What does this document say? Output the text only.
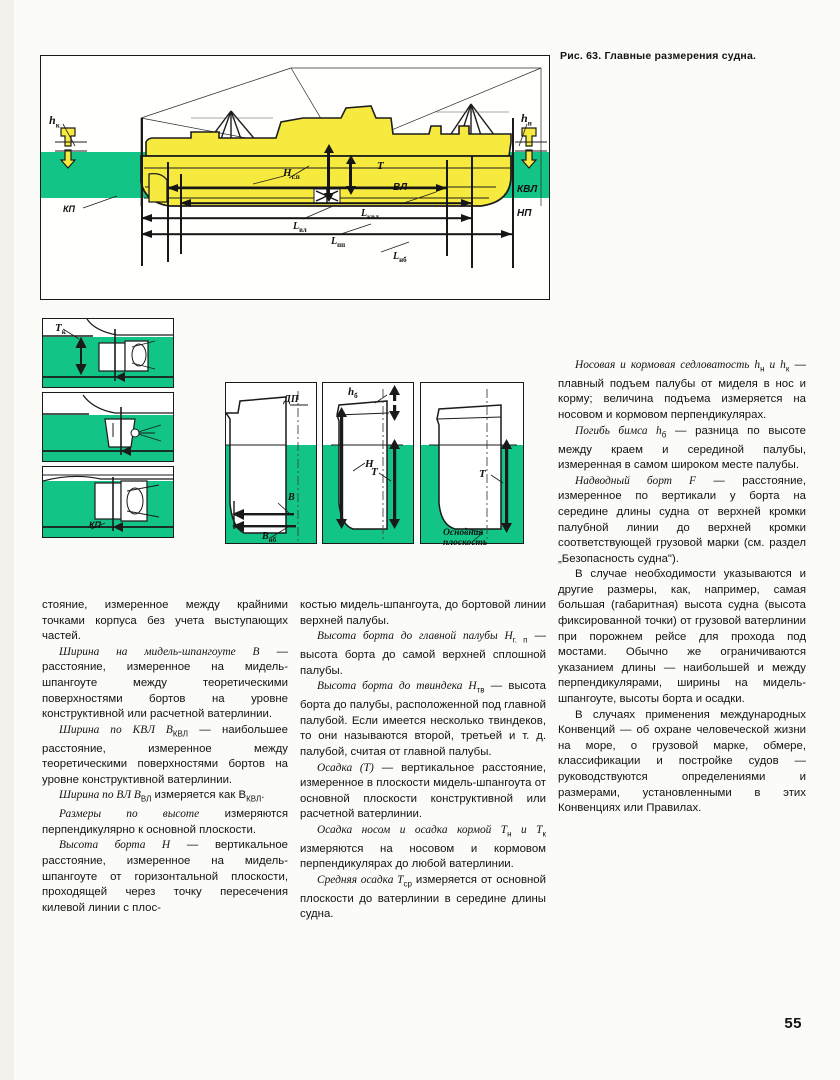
Рис. 63. Главные размерения судна.
$h_к$
$h_н$
КП
$H_{г.п}$
T
ВЛ	КВЛ
НП
$L_{вл}$
$L_{пп}$
$L_{квл}$
$L_{нб}$
$T_к$
КП
ДП
B
$B_{нб}$
H
$h_б$
T	T
Основная
плоскость

стояние, измеренное между крайними точками корпуса без учета выступающих частей.

Ширина на мидель-шпангоуте B — расстояние, измеренное на мидель-шпангоуте между теоретическими поверхностями бортов на уровне конструктивной или расчетной ватерлинии.

Ширина по КВЛ $B_{КВЛ}$ — наибольшее расстояние, измеренное между теоретическими поверхностями бортов на уровне конструктивной ватерлинии.

Ширина по ВЛ $B_{ВЛ}$ измеряется как $B_{КВЛ}$.

Размеры по высоте измеряются перпендикулярно к основной плоскости.

Высота борта H — вертикальное расстояние, измеренное на мидель-шпангоуте от горизонтальной плоскости, проходящей через точку пересечения килевой линии с плос-

костью мидель-шпангоута, до бортовой линии верхней палубы.

Высота борта до главной палубы $H_{г. п}$ — высота борта до самой верхней сплошной палубы.

Высота борта до твиндека $H_{тв}$ — высота борта до палубы, расположенной под главной палубой. Если имеется несколько твиндеков, то они называются второй, третьей и т. д. палубой, считая от главной палубы.

Осадка (T) — вертикальное расстояние, измеренное в плоскости мидель-шпангоута от основной плоскости конструктивной или расчетной ватерлинии.

Осадка носом и осадка кормой $T_н$ и $T_к$ измеряются на носовом и кормовом перпендикулярах до любой ватерлинии.

Средняя осадка $T_{ср}$ измеряется от основной плоскости до ватерлинии в середине длины судна.

Носовая и кормовая седловатость $h_н$ и $h_к$ — плавный подъем палубы от миделя в нос и корму; величина подъема измеряется на носовом и кормовом перпендикулярах.

Погибь бимса $h_б$ — разница по высоте между краем и серединой палубы, измеренная в самом широком месте палубы.

Надводный борт F — расстояние, измеренное по вертикали у борта на середине длины судна от верхней кромки палубной линии до верхней кромки соответствующей грузовой марки (см. раздел „Безопасность судна").

В случае необходимости указываются и другие размеры, как, например, самая большая (габаритная) высота судна (высота фиксированной точки) от грузовой ватерлинии при порожнем рейсе для прохода под мостами. Обычно же ограничиваются указанием длины — наибольшей и между перпендикулярами, ширины на мидель-шпангоуте, высоты борта и осадки.

В случаях применения международных Конвенций — об охране человеческой жизни на море, о грузовой марке, обмере, классификации и постройке судов — руководствуются определениями и размерами, установленными в этих Конвенциях или Правилах.

55
